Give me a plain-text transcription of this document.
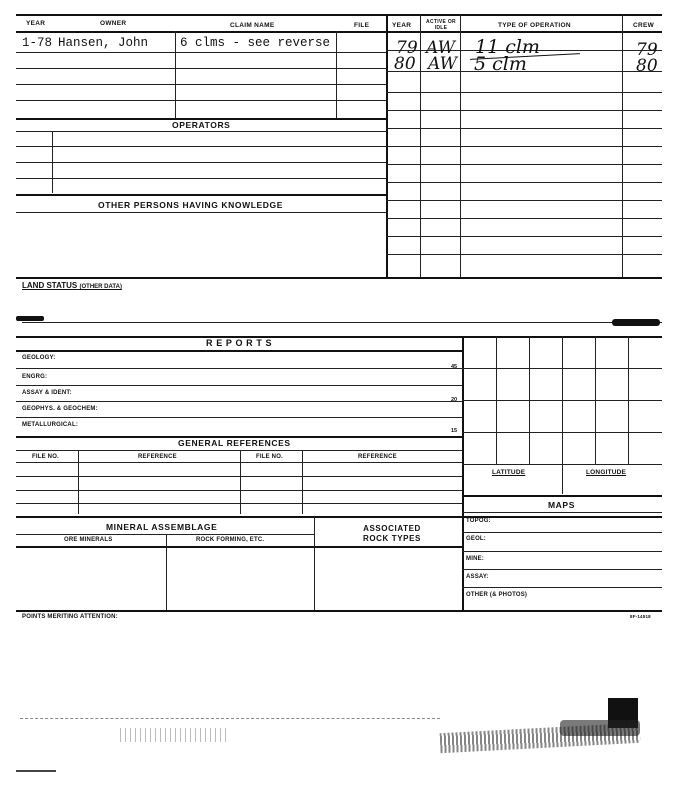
YEAR	OWNER	CLAIM NAME	FILE	YEAR	ACTIVE OR IDLE	TYPE OF OPERATION	CREW
1-78 Hansen, John	6 clms - see reverse
OPERATORS
OTHER PERSONS HAVING KNOWLEDGE
79 AW 11 clm	79
80 AW 5 clm	80
LAND STATUS (OTHER DATA)
R E P O R T S
GEOLOGY:
45
ENGRG:
ASSAY & IDENT:
20
GEOPHYS. & GEOCHEM:
METALLURGICAL:
15
GENERAL REFERENCES
FILE NO.	REFERENCE	FILE NO.	REFERENCE
LATITUDE	LONGITUDE
MAPS
TOPOG:
GEOL:
MINE:
ASSAY:
OTHER (& PHOTOS)
MINERAL ASSEMBLAGE
ORE MINERALS	ROCK FORMING, ETC.
ASSOCIATED ROCK TYPES
POINTS MERITING ATTENTION:	8F-14518
